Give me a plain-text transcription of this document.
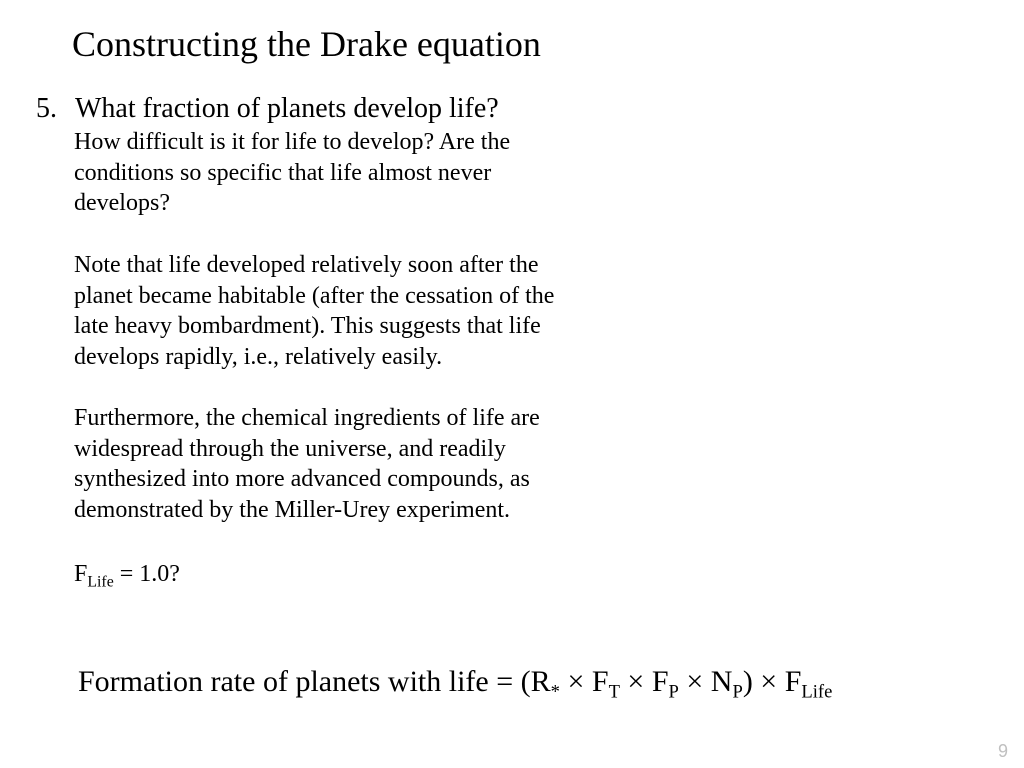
Constructing the Drake equation
5. What fraction of planets develop life?

How difficult is it for life to develop? Are the
conditions so specific that life almost never
develops?

Note that life developed relatively soon after the
planet became habitable (after the cessation of the
late heavy bombardment). This suggests that life
develops rapidly, i.e., relatively easily.

Furthermore, the chemical ingredients of life are
widespread through the universe, and readily
synthesized into more advanced compounds, as
demonstrated by the Miller-Urey experiment.

$F_{Life} = 1.0$?
Formation rate of planets with life = $(R_* \times F_T \times F_P \times N_P) \times F_{Life}$
9
